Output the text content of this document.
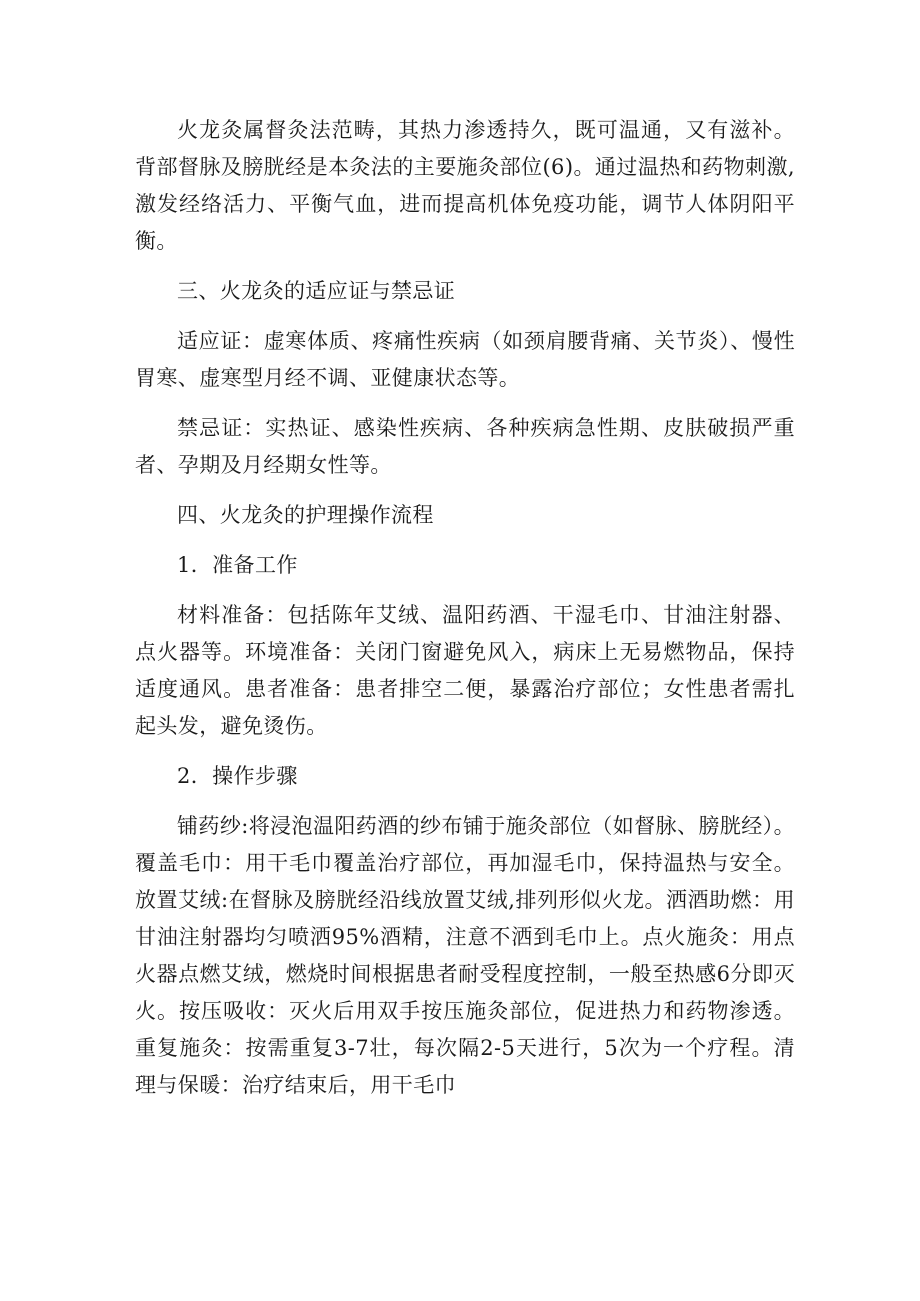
火龙灸属督灸法范畴，其热力渗透持久，既可温通，又有滋补。背部督脉及膀胱经是本灸法的主要施灸部位(6)。通过温热和药物刺激,激发经络活力、平衡气血，进而提高机体免疫功能，调节人体阴阳平衡。

三、火龙灸的适应证与禁忌证

适应证：虚寒体质、疼痛性疾病（如颈肩腰背痛、关节炎）、慢性胃寒、虚寒型月经不调、亚健康状态等。

禁忌证：实热证、感染性疾病、各种疾病急性期、皮肤破损严重者、孕期及月经期女性等。

四、火龙灸的护理操作流程

1．准备工作

材料准备：包括陈年艾绒、温阳药酒、干湿毛巾、甘油注射器、点火器等。环境准备：关闭门窗避免风入，病床上无易燃物品，保持适度通风。患者准备：患者排空二便，暴露治疗部位；女性患者需扎起头发，避免烫伤。

2．操作步骤

铺药纱:将浸泡温阳药酒的纱布铺于施灸部位（如督脉、膀胱经）。覆盖毛巾：用干毛巾覆盖治疗部位，再加湿毛巾，保持温热与安全。放置艾绒:在督脉及膀胱经沿线放置艾绒,排列形似火龙。洒酒助燃：用甘油注射器均匀喷洒95%酒精，注意不洒到毛巾上。点火施灸：用点火器点燃艾绒，燃烧时间根据患者耐受程度控制，一般至热感6分即灭火。按压吸收：灭火后用双手按压施灸部位，促进热力和药物渗透。重复施灸：按需重复3-7壮，每次隔2-5天进行，5次为一个疗程。清理与保暖：治疗结束后，用干毛巾
